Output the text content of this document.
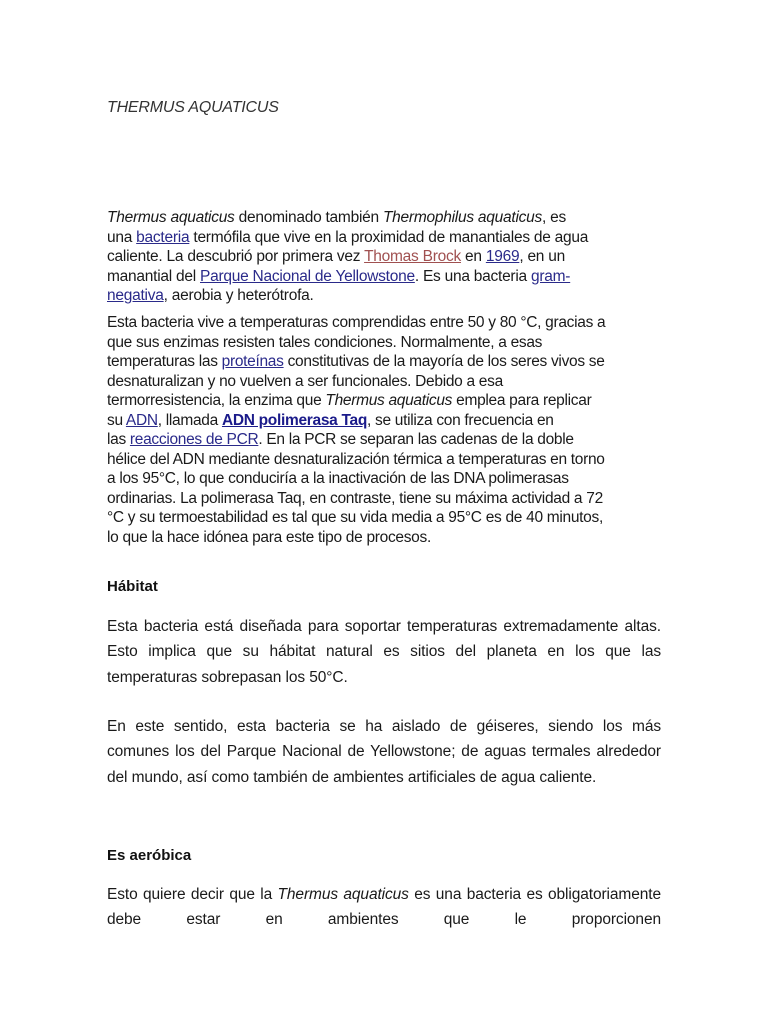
THERMUS AQUATICUS

Thermus aquaticus denominado también Thermophilus aquaticus, es
una bacteria termófila que vive en la proximidad de manantiales de agua
caliente. La descubrió por primera vez Thomas Brock en 1969, en un
manantial del Parque Nacional de Yellowstone. Es una bacteria gram-
negativa, aerobia y heterótrofa.

Esta bacteria vive a temperaturas comprendidas entre 50 y 80 °C, gracias a
que sus enzimas resisten tales condiciones. Normalmente, a esas
temperaturas las proteínas constitutivas de la mayoría de los seres vivos se
desnaturalizan y no vuelven a ser funcionales. Debido a esa
termorresistencia, la enzima que Thermus aquaticus emplea para replicar
su ADN, llamada ADN polimerasa Taq, se utiliza con frecuencia en
las reacciones de PCR. En la PCR se separan las cadenas de la doble
hélice del ADN mediante desnaturalización térmica a temperaturas en torno
a los 95°C, lo que conduciría a la inactivación de las DNA polimerasas
ordinarias. La polimerasa Taq, en contraste, tiene su máxima actividad a 72
°C y su termoestabilidad es tal que su vida media a 95°C es de 40 minutos,
lo que la hace idónea para este tipo de procesos.

Hábitat

Esta bacteria está diseñada para soportar temperaturas extremadamente altas. Esto implica que su hábitat natural es sitios del planeta en los que las temperaturas sobrepasan los 50°C.

En este sentido, esta bacteria se ha aislado de géiseres, siendo los más comunes los del Parque Nacional de Yellowstone; de aguas termales alrededor del mundo, así como también de ambientes artificiales de agua caliente.

Es aeróbica

Esto quiere decir que la Thermus aquaticus es una bacteria es obligatoriamente debe estar en ambientes que le proporcionen
